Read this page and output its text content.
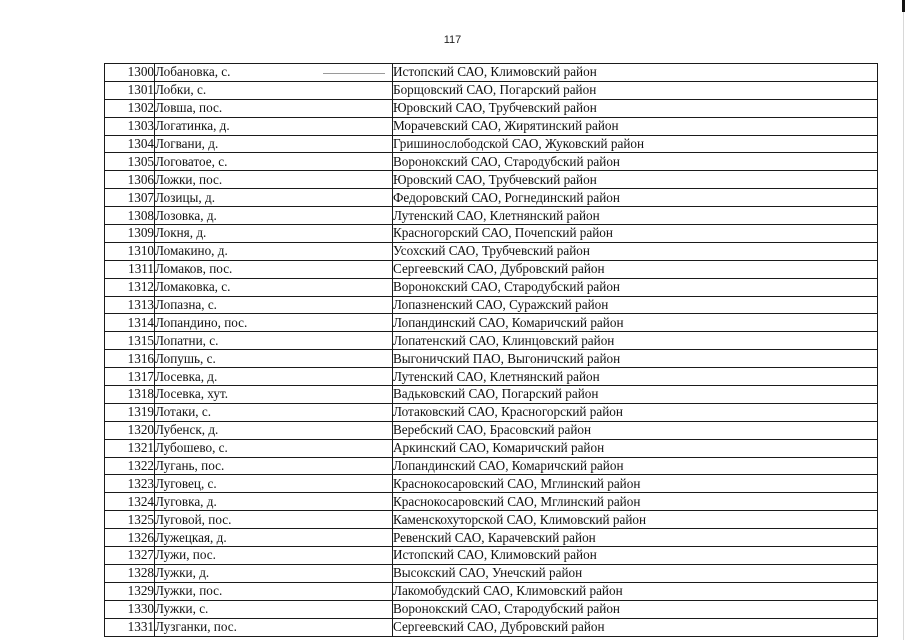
117
1300	Лобановка, с.	Истопский САО, Климовский район
1301	Лобки, с.	Борщовский САО, Погарский район
1302	Ловша, пос.	Юровский САО, Трубчевский район
1303	Логатинка, д.	Морачевский САО, Жирятинский район
1304	Логвани, д.	Гришинослободской САО, Жуковский район
1305	Логоватое, с.	Воронокский САО, Стародубский район
1306	Ложки, пос.	Юровский САО, Трубчевский район
1307	Лозицы, д.	Федоровский САО, Рогнединский район
1308	Лозовка, д.	Лутенский САО, Клетнянский район
1309	Локня, д.	Красногорский САО, Почепский район
1310	Ломакино, д.	Усохский САО, Трубчевский район
1311	Ломаков, пос.	Сергеевский САО, Дубровский район
1312	Ломаковка, с.	Воронокский САО, Стародубский район
1313	Лопазна, с.	Лопазненский САО, Суражский район
1314	Лопандино, пос.	Лопандинский САО, Комаричский район
1315	Лопатни, с.	Лопатенский САО, Клинцовский район
1316	Лопушь, с.	Выгоничский ПАО, Выгоничский район
1317	Лосевка, д.	Лутенский САО, Клетнянский район
1318	Лосевка, хут.	Вадьковский САО, Погарский район
1319	Лотаки, с.	Лотаковский САО, Красногорский район
1320	Лубенск, д.	Веребский САО, Брасовский район
1321	Лубошево, с.	Аркинский САО, Комаричский район
1322	Лугань, пос.	Лопандинский САО, Комаричский район
1323	Луговец, с.	Краснокосаровский САО, Мглинский район
1324	Луговка, д.	Краснокосаровский САО, Мглинский район
1325	Луговой, пос.	Каменскохуторской САО, Климовский район
1326	Лужецкая, д.	Ревенский САО, Карачевский район
1327	Лужи, пос.	Истопский САО, Климовский район
1328	Лужки, д.	Высокский САО, Унечский район
1329	Лужки, пос.	Лакомобудский САО, Климовский район
1330	Лужки, с.	Воронокский САО, Стародубский район
1331	Лузганки, пос.	Сергеевский САО, Дубровский район
